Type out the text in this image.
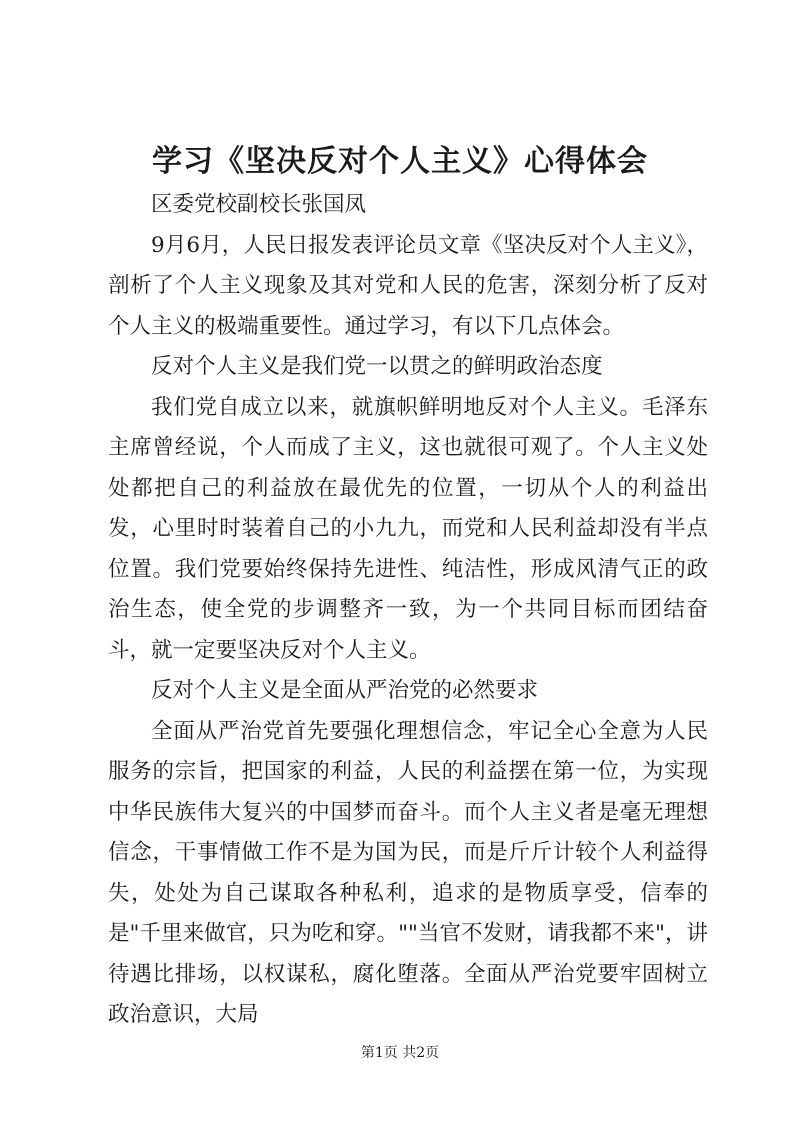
学习《坚决反对个人主义》心得体会

区委党校副校长张国凤

9月6月，人民日报发表评论员文章《坚决反对个人主义》，剖析了个人主义现象及其对党和人民的危害，深刻分析了反对个人主义的极端重要性。通过学习，有以下几点体会。

反对个人主义是我们党一以贯之的鲜明政治态度

我们党自成立以来，就旗帜鲜明地反对个人主义。毛泽东主席曾经说，个人而成了主义，这也就很可观了。个人主义处处都把自己的利益放在最优先的位置，一切从个人的利益出发，心里时时装着自己的小九九，而党和人民利益却没有半点位置。我们党要始终保持先进性、纯洁性，形成风清气正的政治生态，使全党的步调整齐一致，为一个共同目标而团结奋斗，就一定要坚决反对个人主义。

反对个人主义是全面从严治党的必然要求

全面从严治党首先要强化理想信念，牢记全心全意为人民服务的宗旨，把国家的利益，人民的利益摆在第一位，为实现中华民族伟大复兴的中国梦而奋斗。而个人主义者是毫无理想信念，干事情做工作不是为国为民，而是斤斤计较个人利益得失，处处为自己谋取各种私利，追求的是物质享受，信奉的是"千里来做官，只为吃和穿。""当官不发财，请我都不来"，讲待遇比排场，以权谋私，腐化堕落。全面从严治党要牢固树立政治意识，大局

第1页 共2页
